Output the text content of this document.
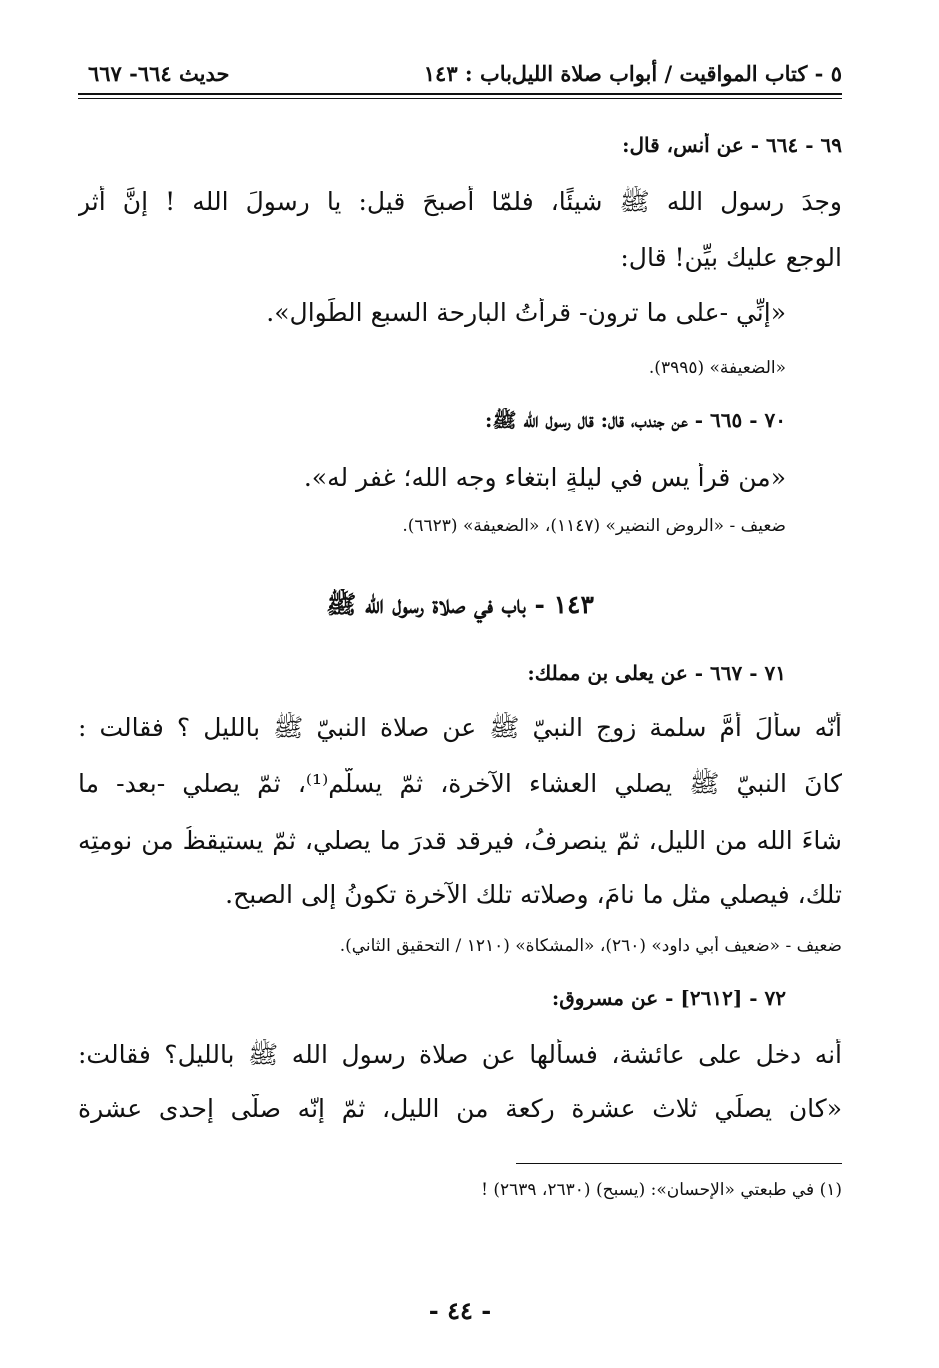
٥ - كتاب المواقيت / أبواب صلاة الليل
باب : ١٤٣
حديث ٦٦٤- ٦٦٧
٦٩ - ٦٦٤ - عن أنس، قال:
وجدَ رسول الله ﷺ شيئًا، فلمّا أصبحَ قيل: يا رسولَ الله ! إنَّ أثر
الوجع عليك بيِّن! قال:
«إنِّي -على ما ترون- قرأتُ البارحة السبع الطِّوال».
«الضعيفة» (٣٩٩٥).
٧٠ - ٦٦٥ - عن جندب، قال: قال رسول الله ﷺ:
«من قرأ يس في ليلةٍ ابتغاء وجه الله؛ غفر له».
ضعيف - «الروض النضير» (١١٤٧)، «الضعيفة» (٦٦٢٣).
١٤٣ - باب في صلاة رسول الله ﷺ
٧١ - ٦٦٧ - عن يعلى بن مملك:
أنّه سألَ أمَّ سلمة زوج النبيّ ﷺ عن صلاة النبيّ ﷺ بالليل ؟ فقالت :
كانَ النبيّ ﷺ يصلي العشاء الآخرة، ثمّ يسلّم⁽¹⁾، ثمّ يصلي -بعد- ما
شاءَ الله من الليل، ثمّ ينصرفُ، فيرقد قدرَ ما يصلي، ثمّ يستيقظُ من نومتِه
تلك، فيصلي مثل ما نامَ، وصلاته تلك الآخرة تكونُ إلى الصبح.
ضعيف - «ضعيف أبي داود» (٢٦٠)، «المشكاة» (١٢١٠ / التحقيق الثاني).
٧٢ - [٢٦١٢] - عن مسروق:
أنه دخل على عائشة، فسألها عن صلاة رسول الله ﷺ بالليل؟ فقالت:
«كان يصلِّي ثلاث عشرة ركعة من الليل، ثمّ إنّه صلّى إحدى عشرة
(١) في طبعتي «الإحسان»: (يسبح) (٢٦٣٠، ٢٦٣٩) !
- ٤٤ -
